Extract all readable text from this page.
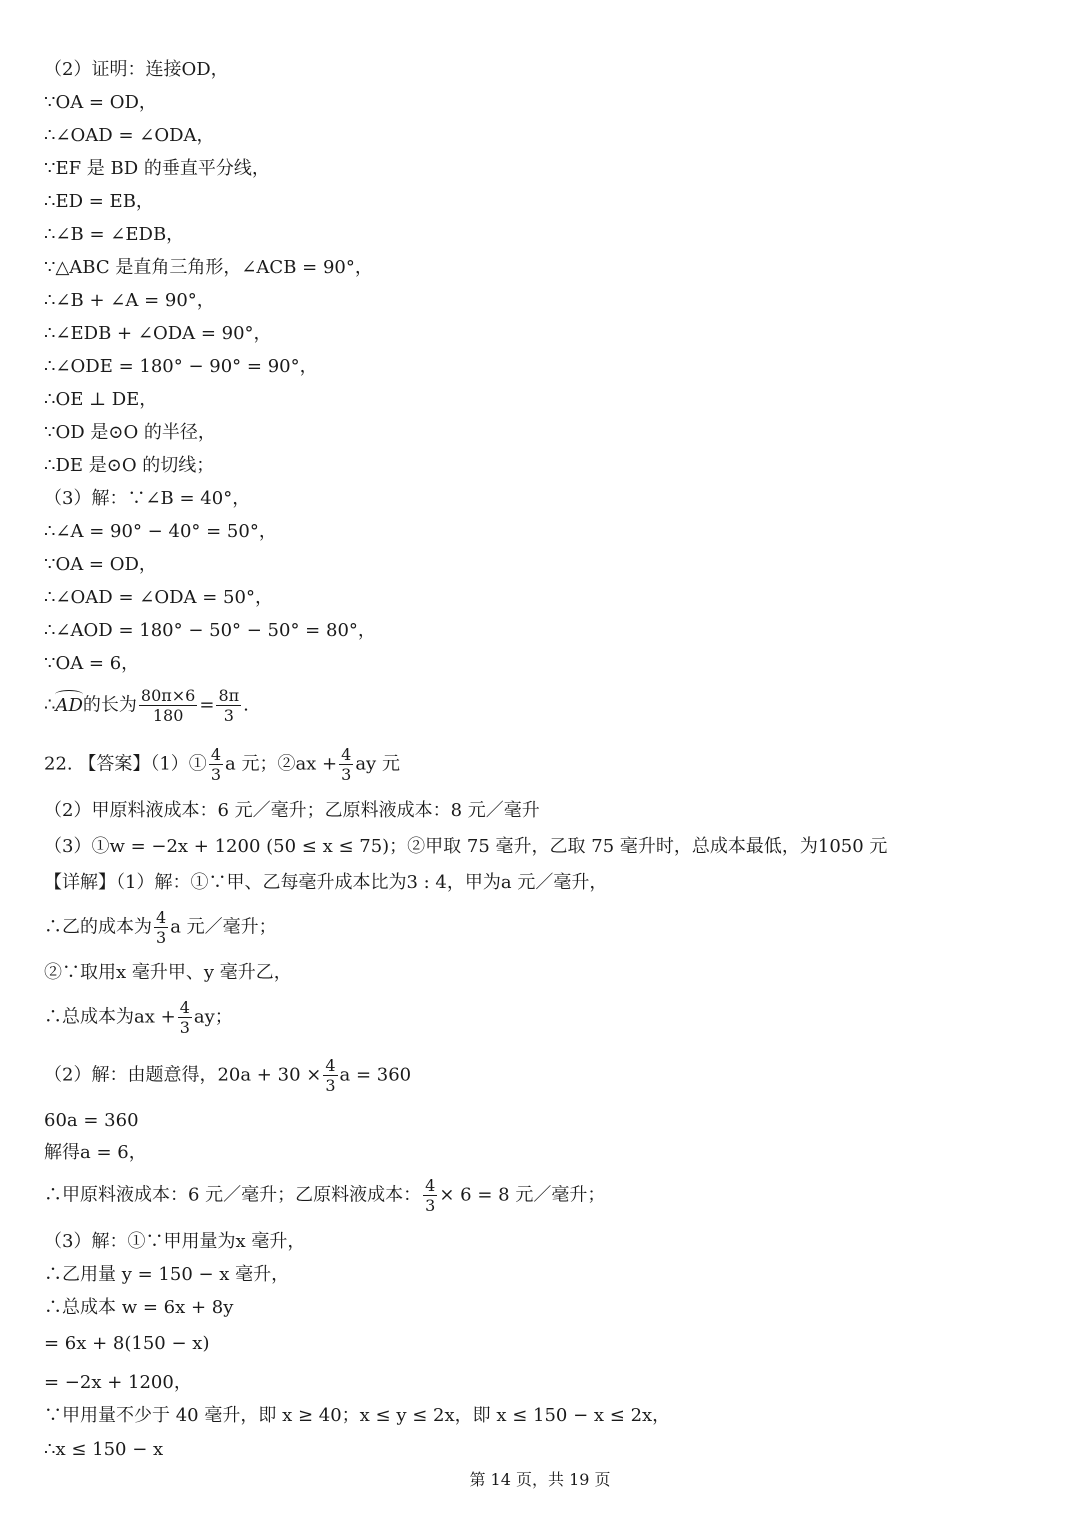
（2）证明：连接OD，
∵OA = OD，
∴∠OAD = ∠ODA，
∵EF 是 BD 的垂直平分线，
∴ED = EB，
∴∠B = ∠EDB，
∵△ABC 是直角三角形，∠ACB = 90°，
∴∠B + ∠A = 90°，
∴∠EDB + ∠ODA = 90°，
∴∠ODE = 180° − 90° = 90°，
∴OE ⊥ DE，
∵OD 是⊙O 的半径，
∴DE 是⊙O 的切线；
（3）解：∵∠B = 40°，
∴∠A = 90° − 40° = 50°，
∵OA = OD，
∴∠OAD = ∠ODA = 50°，
∴∠AOD = 180° − 50° − 50° = 80°，
∵OA = 6，
∴AD的长为 $\frac{80\pi\times 6}{180} = \frac{8\pi}{3}$ .
22. 【答案】（1）① $\frac{4}{3}$ a 元；②ax + $\frac{4}{3}$ ay 元
（2）甲原料液成本：6 元／毫升；乙原料液成本：8 元／毫升
（3）①w = −2x + 1200 (50 ≤ x ≤ 75)；②甲取 75 毫升，乙取 75 毫升时，总成本最低，为1050 元
【详解】（1）解：①∵甲、乙每毫升成本比为3 : 4，甲为a 元／毫升，
∴乙的成本为 $\frac{4}{3}$ a 元／毫升；
②∵取用x 毫升甲、y 毫升乙，
∴总成本为ax + $\frac{4}{3}$ ay；
（2）解：由题意得，$20a + 30 \times \frac{4}{3}$ a = 360
60a = 360
解得a = 6，
∴甲原料液成本：6 元／毫升；乙原料液成本： $\frac{4}{3} \times 6 = 8$ 元／毫升；
（3）解：①∵甲用量为x 毫升，
∴乙用量 y = 150 − x 毫升，
∴总成本 w = 6x + 8y
= 6x + 8(150 − x)
= −2x + 1200，
∵甲用量不少于 40 毫升，即 x ≥ 40；x ≤ y ≤ 2x，即 x ≤ 150 − x ≤ 2x，
∴x ≤ 150 − x
第 14 页，共 19 页
